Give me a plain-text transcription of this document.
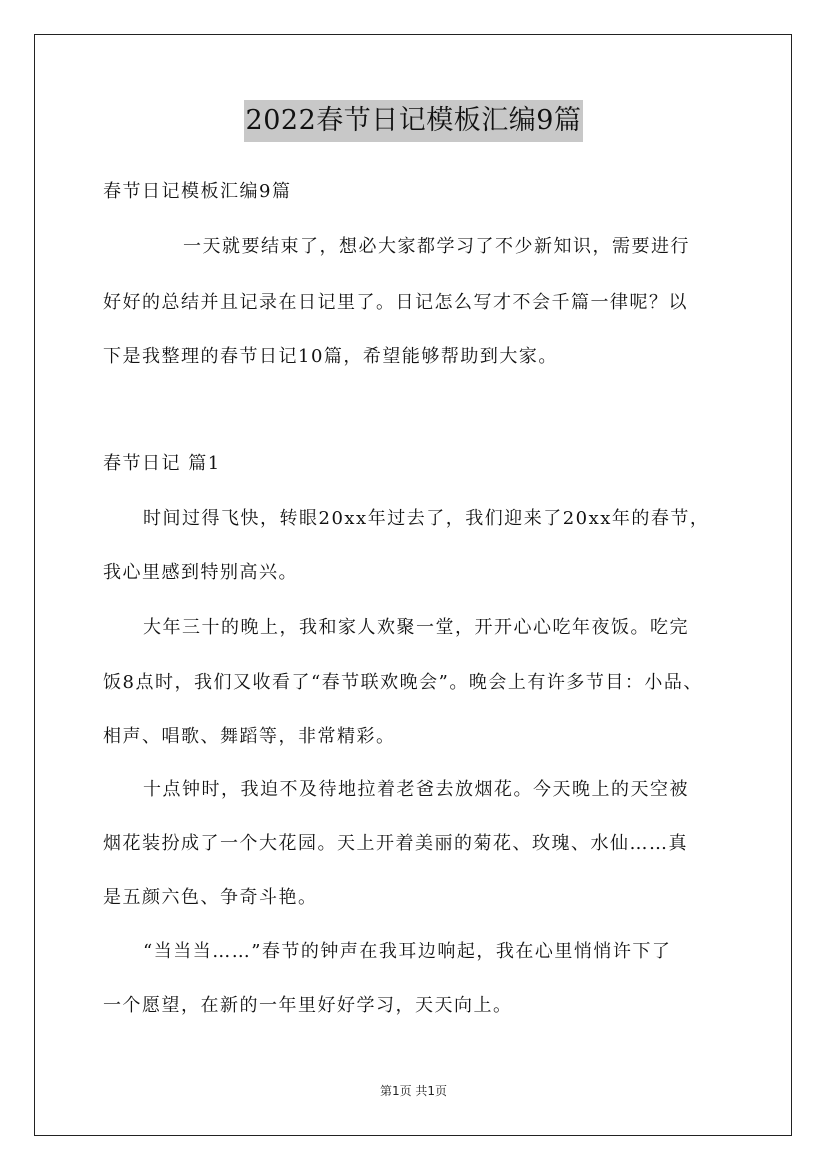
2022春节日记模板汇编9篇

春节日记模板汇编9篇

一天就要结束了，想必大家都学习了不少新知识，需要进行

好好的总结并且记录在日记里了。日记怎么写才不会千篇一律呢？以

下是我整理的春节日记10篇，希望能够帮助到大家。

春节日记 篇1

时间过得飞快，转眼20xx年过去了，我们迎来了20xx年的春节，

我心里感到特别高兴。

大年三十的晚上，我和家人欢聚一堂，开开心心吃年夜饭。吃完

饭8点时，我们又收看了“春节联欢晚会”。晚会上有许多节目：小品、

相声、唱歌、舞蹈等，非常精彩。

十点钟时，我迫不及待地拉着老爸去放烟花。今天晚上的天空被

烟花装扮成了一个大花园。天上开着美丽的菊花、玫瑰、水仙……真

是五颜六色、争奇斗艳。

“当当当……”春节的钟声在我耳边响起，我在心里悄悄许下了

一个愿望，在新的一年里好好学习，天天向上。

第1页 共1页
